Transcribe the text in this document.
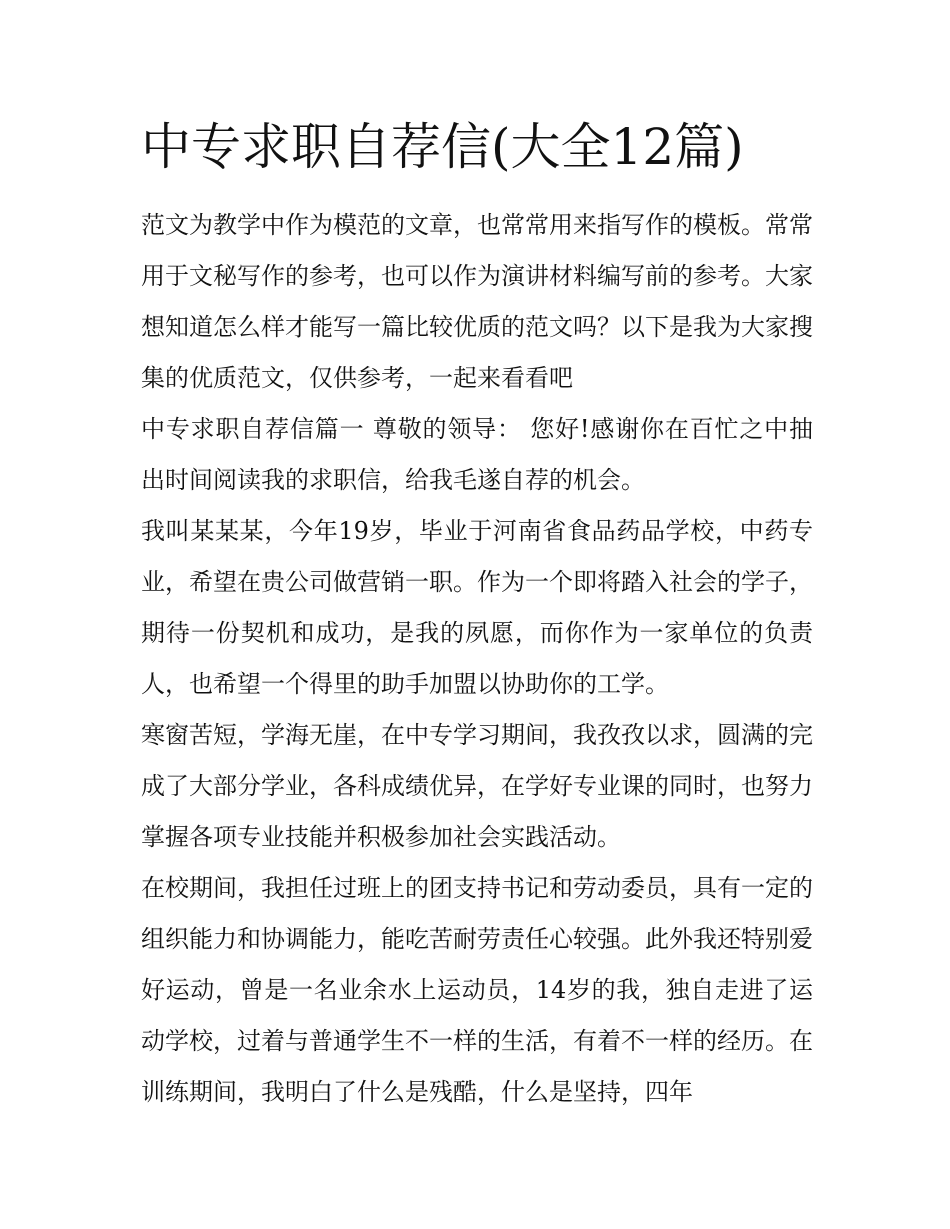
中专求职自荐信(大全12篇)

范文为教学中作为模范的文章，也常常用来指写作的模板。常常用于文秘写作的参考，也可以作为演讲材料编写前的参考。大家想知道怎么样才能写一篇比较优质的范文吗？以下是我为大家搜集的优质范文，仅供参考，一起来看看吧

中专求职自荐信篇一 尊敬的领导： 您好!感谢你在百忙之中抽出时间阅读我的求职信，给我毛遂自荐的机会。

我叫某某某，今年19岁，毕业于河南省食品药品学校，中药专业，希望在贵公司做营销一职。作为一个即将踏入社会的学子，期待一份契机和成功，是我的夙愿，而你作为一家单位的负责人，也希望一个得里的助手加盟以协助你的工学。

寒窗苦短，学海无崖，在中专学习期间，我孜孜以求，圆满的完成了大部分学业，各科成绩优异，在学好专业课的同时，也努力掌握各项专业技能并积极参加社会实践活动。

在校期间，我担任过班上的团支持书记和劳动委员，具有一定的组织能力和协调能力，能吃苦耐劳责任心较强。此外我还特别爱好运动，曾是一名业余水上运动员，14岁的我，独自走进了运动学校，过着与普通学生不一样的生活，有着不一样的经历。在训练期间，我明白了什么是残酷，什么是坚持，四年
